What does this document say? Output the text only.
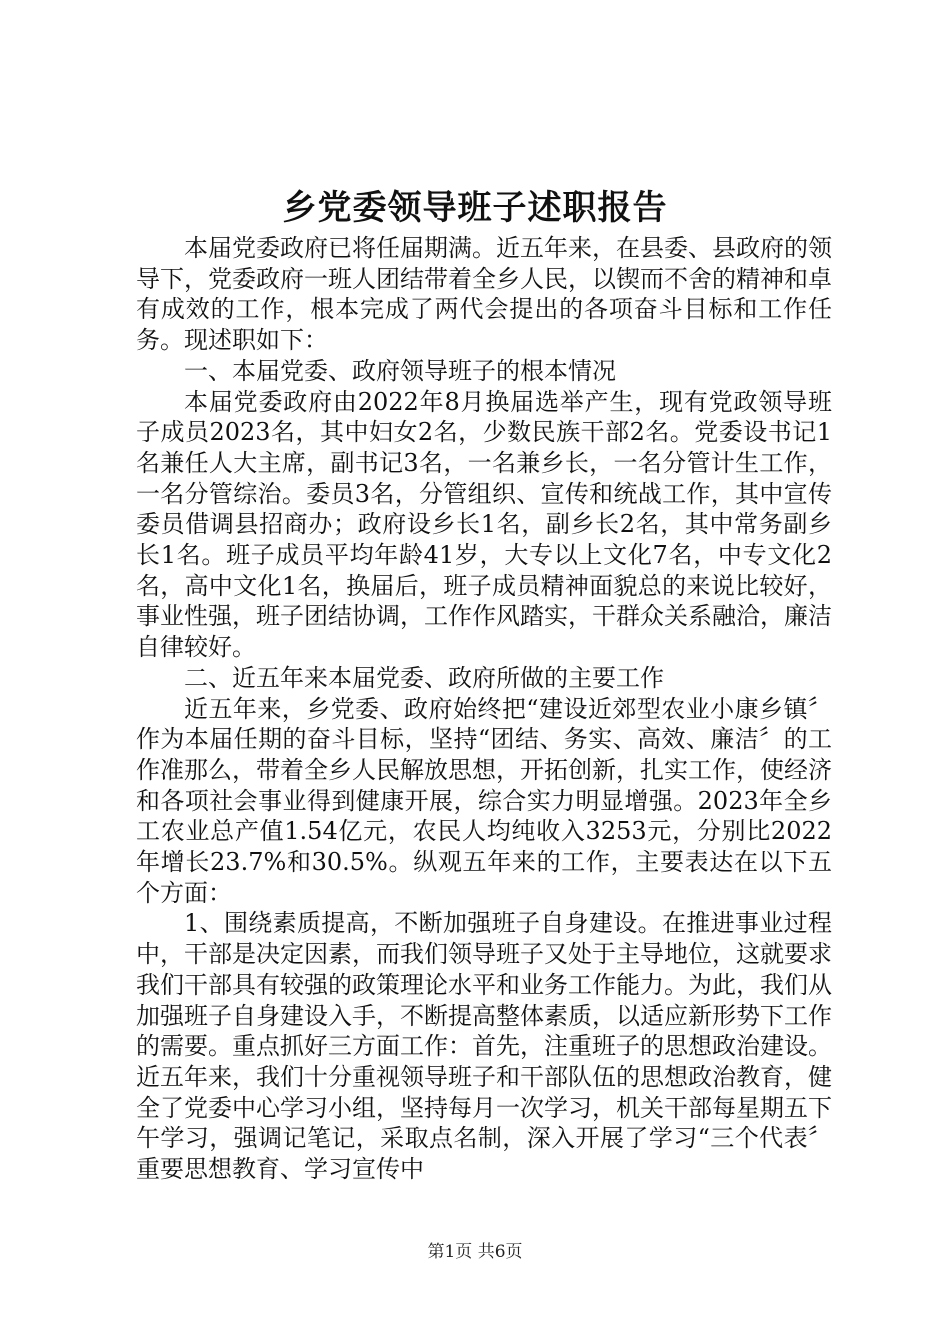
乡党委领导班子述职报告

本届党委政府已将任届期满。近五年来，在县委、县政府的领导下，党委政府一班人团结带着全乡人民，以锲而不舍的精神和卓有成效的工作，根本完成了两代会提出的各项奋斗目标和工作任务。现述职如下：

一、本届党委、政府领导班子的根本情况

本届党委政府由2022年8月换届选举产生，现有党政领导班子成员2023名，其中妇女2名，少数民族干部2名。党委设书记1名兼任人大主席，副书记3名，一名兼乡长，一名分管计生工作，一名分管综治。委员3名，分管组织、宣传和统战工作，其中宣传委员借调县招商办；政府设乡长1名，副乡长2名，其中常务副乡长1名。班子成员平均年龄41岁，大专以上文化7名，中专文化2名，高中文化1名，换届后，班子成员精神面貌总的来说比较好，事业性强，班子团结协调，工作作风踏实，干群众关系融洽，廉洁自律较好。

二、近五年来本届党委、政府所做的主要工作

近五年来，乡党委、政府始终把“建设近郊型农业小康乡镇〞作为本届任期的奋斗目标，坚持“团结、务实、高效、廉洁〞的工作准那么，带着全乡人民解放思想，开拓创新，扎实工作，使经济和各项社会事业得到健康开展，综合实力明显增强。2023年全乡工农业总产值1.54亿元，农民人均纯收入3253元，分别比2022年增长23.7%和30.5%。纵观五年来的工作，主要表达在以下五个方面：

1、围绕素质提高，不断加强班子自身建设。在推进事业过程中，干部是决定因素，而我们领导班子又处于主导地位，这就要求我们干部具有较强的政策理论水平和业务工作能力。为此，我们从加强班子自身建设入手，不断提高整体素质，以适应新形势下工作的需要。重点抓好三方面工作：首先，注重班子的思想政治建设。近五年来，我们十分重视领导班子和干部队伍的思想政治教育，健全了党委中心学习小组，坚持每月一次学习，机关干部每星期五下午学习，强调记笔记，采取点名制，深入开展了学习“三个代表〞重要思想教育、学习宣传中

第1页 共6页
